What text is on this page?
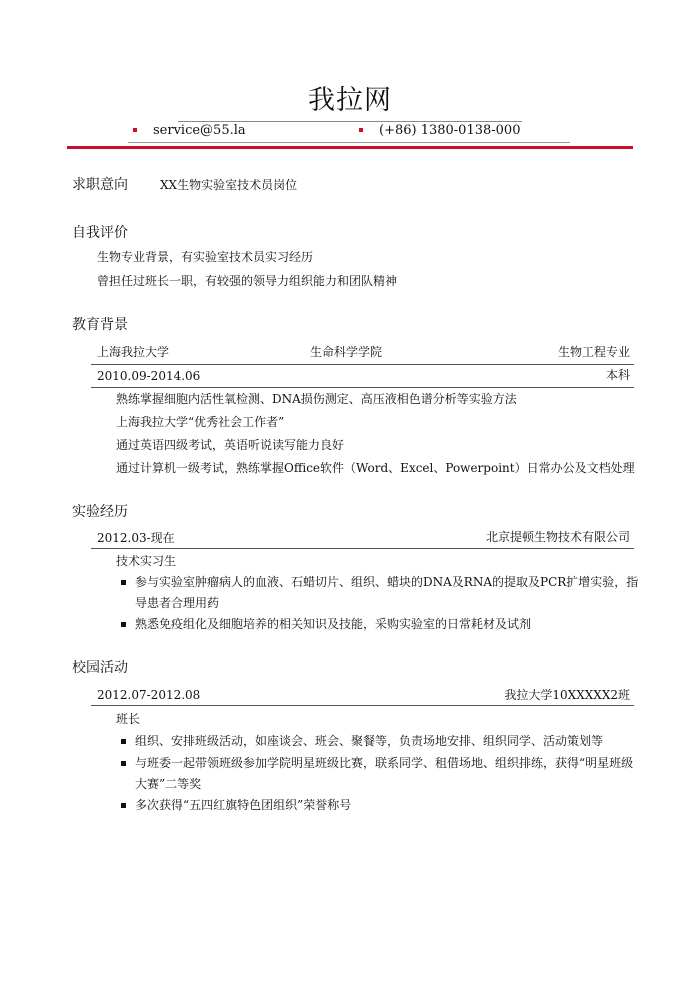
我拉网
service@55.la	(+86) 1380-0138-000
求职意向	XX生物实验室技术员岗位
自我评价
生物专业背景，有实验室技术员实习经历
曾担任过班长一职，有较强的领导力组织能力和团队精神
教育背景
上海我拉大学	生命科学学院	生物工程专业
2010.09-2014.06	本科
熟练掌握细胞内活性氧检测、DNA损伤测定、高压液相色谱分析等实验方法
上海我拉大学“优秀社会工作者”
通过英语四级考试，英语听说读写能力良好
通过计算机一级考试，熟练掌握Office软件（Word、Excel、Powerpoint）日常办公及文档处理
实验经历
2012.03-现在	北京提顿生物技术有限公司
技术实习生
参与实验室肿瘤病人的血液、石蜡切片、组织、蜡块的DNA及RNA的提取及PCR扩增实验，指导患者合理用药
熟悉免疫组化及细胞培养的相关知识及技能，采购实验室的日常耗材及试剂
校园活动
2012.07-2012.08	我拉大学10XXXXX2班
班长
组织、安排班级活动，如座谈会、班会、聚餐等，负责场地安排、组织同学、活动策划等
与班委一起带领班级参加学院明星班级比赛，联系同学、租借场地、组织排练，获得“明星班级大赛”二等奖
多次获得“五四红旗特色团组织”荣誉称号
